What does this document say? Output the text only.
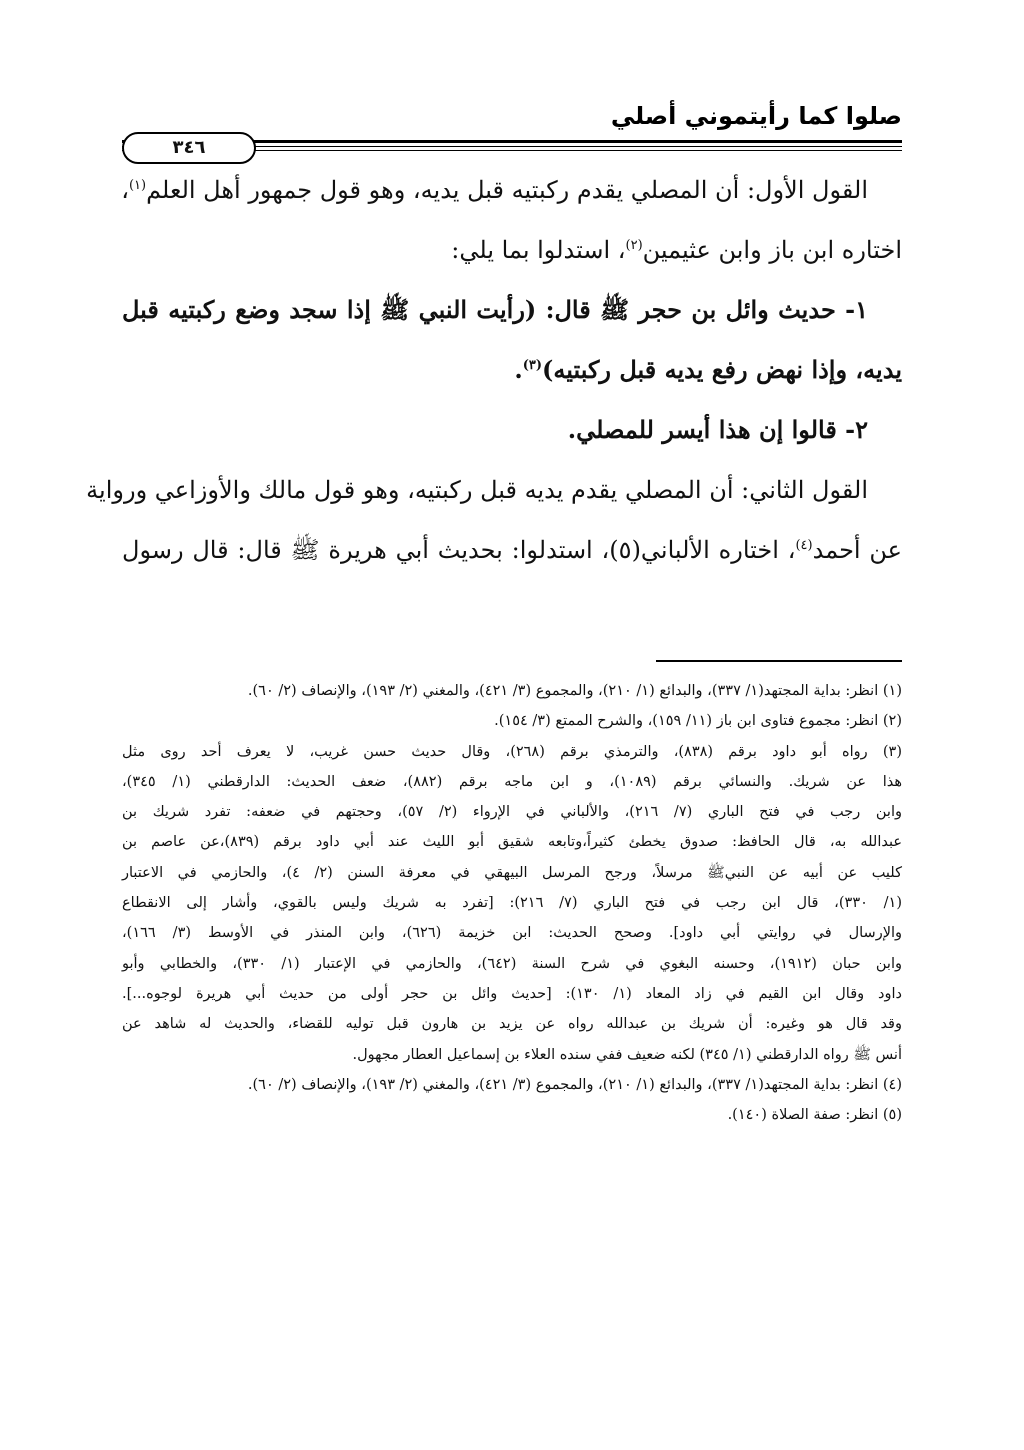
صلوا كما رأيتموني أصلي
٣٤٦
القول الأول: أن المصلي يقدم ركبتيه قبل يديه، وهو قول جمهور أهل العلم$^{(١)}$،
اختاره ابن باز وابن عثيمين$^{(٢)}$، استدلوا بما يلي:
١- حديث وائل بن حجر ﷺ قال: (رأيت النبي ﷺ إذا سجد وضع ركبتيه قبل
يديه، وإذا نهض رفع يديه قبل ركبتيه)$^{(٣)}$.
٢- قالوا إن هذا أيسر للمصلي.
القول الثاني: أن المصلي يقدم يديه قبل ركبتيه، وهو قول مالك والأوزاعي ورواية
عن أحمد$^{(٤)}$، اختاره الألباني(٥)، استدلوا: بحديث أبي هريرة ﷺ قال: قال رسول
(١) انظر: بداية المجتهد(١/ ٣٣٧)، والبدائع (١/ ٢١٠)، والمجموع (٣/ ٤٢١)، والمغني (٢/ ١٩٣)، والإنصاف (٢/ ٦٠).
(٢) انظر: مجموع فتاوى ابن باز (١١/ ١٥٩)، والشرح الممتع (٣/ ١٥٤).
(٣) رواه أبو داود برقم (٨٣٨)، والترمذي برقم (٢٦٨)، وقال حديث حسن غريب، لا يعرف أحد روى مثل
هذا عن شريك. والنسائي برقم (١٠٨٩)، و ابن ماجه برقم (٨٨٢)، ضعف الحديث: الدارقطني (١/ ٣٤٥)،
وابن رجب في فتح الباري (٧/ ٢١٦)، والألباني في الإرواء (٢/ ٥٧)، وحجتهم في ضعفه: تفرد شريك بن
عبدالله به، قال الحافظ: صدوق يخطئ كثيراً،وتابعه شقيق أبو الليث عند أبي داود برقم (٨٣٩)،عن عاصم بن
كليب عن أبيه عن النبيﷺ مرسلاً، ورجح المرسل البيهقي في معرفة السنن (٢/ ٤)، والحازمي في الاعتبار
(١/ ٣٣٠)، قال ابن رجب في فتح الباري (٧/ ٢١٦): [تفرد به شريك وليس بالقوي، وأشار إلى الانقطاع
والإرسال في روايتي أبي داود]. وصحح الحديث: ابن خزيمة (٦٢٦)، وابن المنذر في الأوسط (٣/ ١٦٦)،
وابن حبان (١٩١٢)، وحسنه البغوي في شرح السنة (٦٤٢)، والحازمي في الإعتبار (١/ ٣٣٠)، والخطابي وأبو
داود وقال ابن القيم في زاد المعاد (١/ ١٣٠): [حديث وائل بن حجر أولى من حديث أبي هريرة لوجوه...].
وقد قال هو وغيره: أن شريك بن عبدالله رواه عن يزيد بن هارون قبل توليه للقضاء، والحديث له شاهد عن
أنس ﷺ رواه الدارقطني (١/ ٣٤٥) لكنه ضعيف ففي سنده العلاء بن إسماعيل العطار مجهول.
(٤) انظر: بداية المجتهد(١/ ٣٣٧)، والبدائع (١/ ٢١٠)، والمجموع (٣/ ٤٢١)، والمغني (٢/ ١٩٣)، والإنصاف (٢/ ٦٠).
(٥) انظر: صفة الصلاة (١٤٠).
